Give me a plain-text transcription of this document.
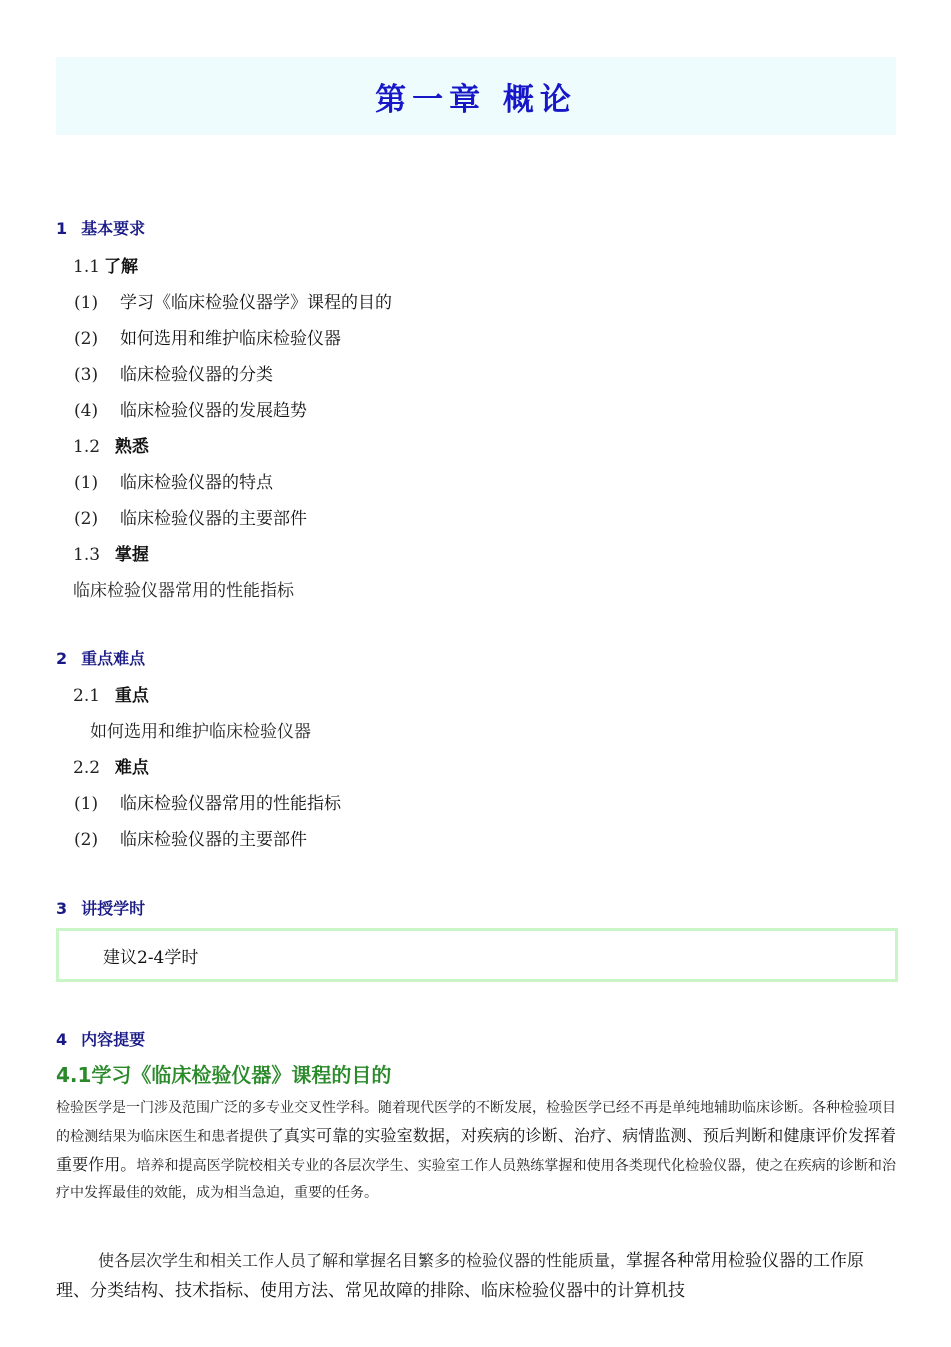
第一章 概论
1 基本要求
1.1 了解
(1) 学习《临床检验仪器学》课程的目的
(2) 如何选用和维护临床检验仪器
(3) 临床检验仪器的分类
(4) 临床检验仪器的发展趋势
1.2 熟悉
(1) 临床检验仪器的特点
(2) 临床检验仪器的主要部件
1.3 掌握
临床检验仪器常用的性能指标
2 重点难点
2.1 重点
如何选用和维护临床检验仪器
2.2 难点
(1) 临床检验仪器常用的性能指标
(2) 临床检验仪器的主要部件
3 讲授学时
建议2-4学时
4 内容提要
4.1学习《临床检验仪器》课程的目的
检验医学是一门涉及范围广泛的多专业交叉性学科。随着现代医学的不断发展，检验医学已经不再是单纯地辅助临床诊断。各种检验项目的检测结果为临床医生和患者提供了真实可靠的实验室数据，对疾病的诊断、治疗、病情监测、预后判断和健康评价发挥着重要作用。培养和提高医学院校相关专业的各层次学生、实验室工作人员熟练掌握和使用各类现代化检验仪器，使之在疾病的诊断和治疗中发挥最佳的效能，成为相当急迫，重要的任务。
使各层次学生和相关工作人员了解和掌握名目繁多的检验仪器的性能质量，掌握各种常用检验仪器的工作原理、分类结构、技术指标、使用方法、常见故障的排除、临床检验仪器中的计算机技
